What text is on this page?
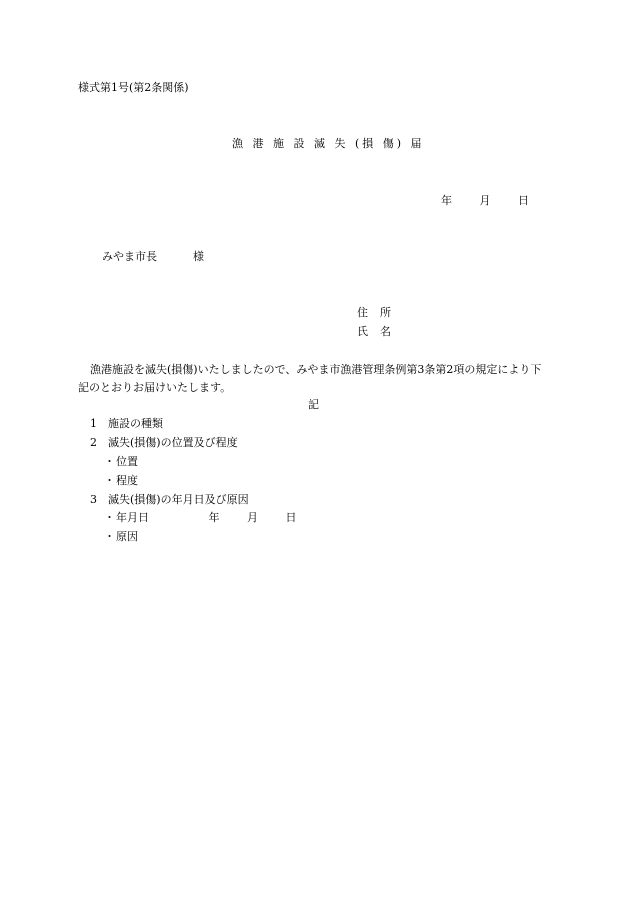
様式第1号(第2条関係)
漁 港 施 設 滅 失 (損 傷) 届
年	月	日
みやま市長	様
住 所
氏 名
漁港施設を滅失(損傷)いたしましたので、みやま市漁港管理条例第3条第2項の規定により下記のとおりお届けいたします。
記
1 施設の種類
2 滅失(損傷)の位置及び程度
・位置
・程度
3 滅失(損傷)の年月日及び原因
・年月日	年	月	日
・原因
